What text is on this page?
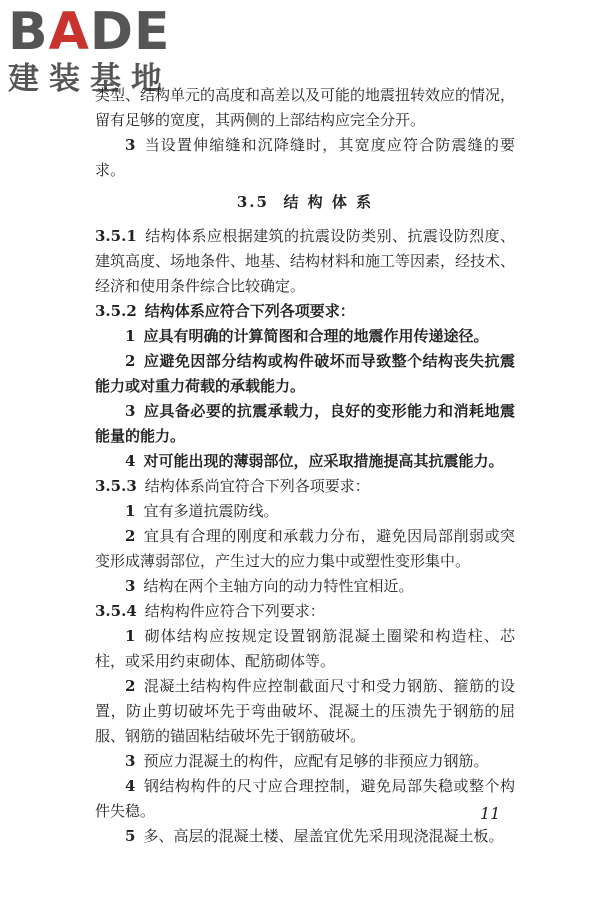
BADE
建装基地

类型、结构单元的高度和高差以及可能的地震扭转效应的情况，留有足够的宽度，其两侧的上部结构应完全分开。

3 当设置伸缩缝和沉降缝时，其宽度应符合防震缝的要求。

3.5 结 构 体 系

3.5.1 结构体系应根据建筑的抗震设防类别、抗震设防烈度、建筑高度、场地条件、地基、结构材料和施工等因素，经技术、经济和使用条件综合比较确定。

3.5.2 结构体系应符合下列各项要求：

1 应具有明确的计算简图和合理的地震作用传递途径。

2 应避免因部分结构或构件破坏而导致整个结构丧失抗震能力或对重力荷载的承载能力。

3 应具备必要的抗震承载力，良好的变形能力和消耗地震能量的能力。

4 对可能出现的薄弱部位，应采取措施提高其抗震能力。

3.5.3 结构体系尚宜符合下列各项要求：

1 宜有多道抗震防线。

2 宜具有合理的刚度和承载力分布，避免因局部削弱或突变形成薄弱部位，产生过大的应力集中或塑性变形集中。

3 结构在两个主轴方向的动力特性宜相近。

3.5.4 结构构件应符合下列要求：

1 砌体结构应按规定设置钢筋混凝土圈梁和构造柱、芯柱，或采用约束砌体、配筋砌体等。

2 混凝土结构构件应控制截面尺寸和受力钢筋、箍筋的设置，防止剪切破坏先于弯曲破坏、混凝土的压溃先于钢筋的屈服、钢筋的锚固粘结破坏先于钢筋破坏。

3 预应力混凝土的构件，应配有足够的非预应力钢筋。

4 钢结构构件的尺寸应合理控制，避免局部失稳或整个构件失稳。

5 多、高层的混凝土楼、屋盖宜优先采用现浇混凝土板。

11
